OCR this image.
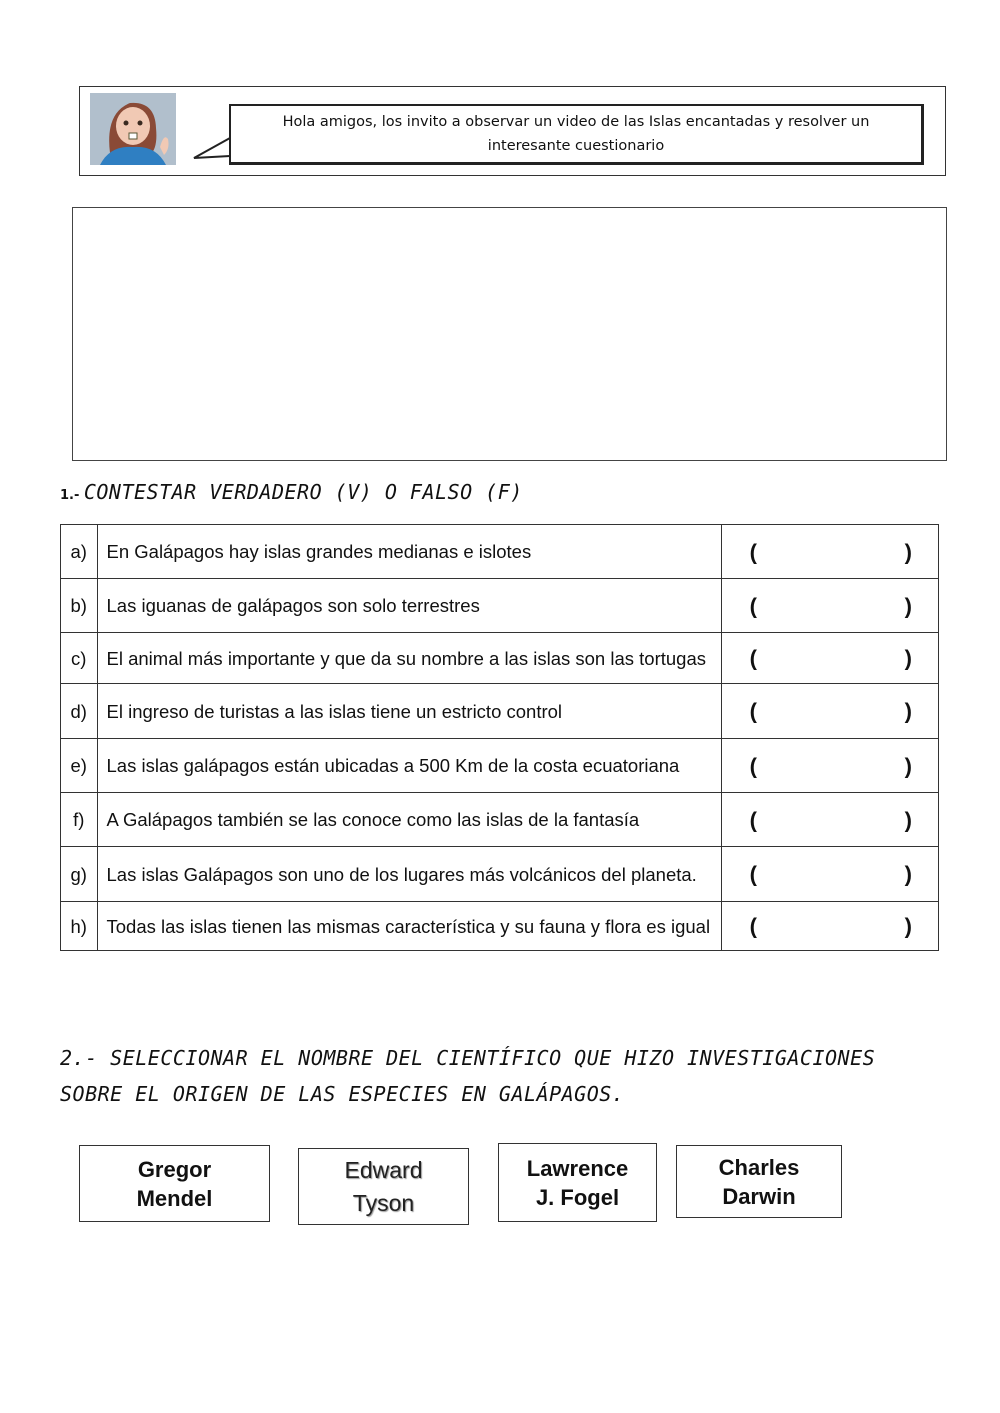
Hola amigos, los invito a observar un video de las Islas encantadas y resolver un interesante cuestionario
1.- CONTESTAR VERDADERO (V) O FALSO (F)
a)	En Galápagos hay islas grandes medianas e islotes	( )

b)	Las iguanas de galápagos son solo terrestres	( )

c)	El animal más importante y que da su nombre a las islas son las tortugas	( )

d)	El ingreso de turistas a las islas tiene un estricto control	( )

e)	Las islas galápagos están ubicadas a 500 Km de la costa ecuatoriana	( )

f)	A Galápagos también se las conoce como las islas de la fantasía	( )

g)	Las islas Galápagos son uno de los lugares más volcánicos del planeta.	( )

h)	Todas las islas tienen las mismas característica y su fauna y flora es igual	( )
2.- SELECCIONAR EL NOMBRE DEL CIENTÍFICO QUE HIZO INVESTIGACIONES SOBRE EL ORIGEN DE LAS ESPECIES EN GALÁPAGOS.
Gregor
Mendel
Edward
Tyson
Lawrence
J. Fogel
Charles
Darwin
